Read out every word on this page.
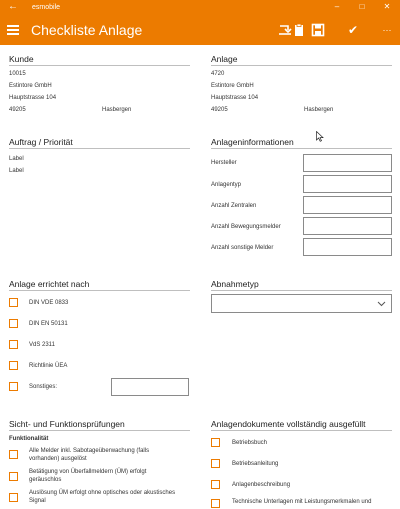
← esmobile	–	□	✕
Checkliste Anlage	✔	···
Kunde
10015
Estintore GmbH
Hauptstrasse 104
49205	Hasbergen
Anlage
4720
Estintore GmbH
Hauptstrasse 104
49205	Hasbergen
Auftrag / Priorität
Label
Label
Anlageninformationen
Hersteller
Anlagentyp
Anzahl Zentralen
Anzahl Bewegungsmelder
Anzahl sonstige Melder
Anlage errichtet nach
DIN VDE 0833
DIN EN 50131
VdS 2311
Richtlinie ÜEA
Sonstiges:
Abnahmetyp
Sicht- und Funktionsprüfungen
Funktionalität
Alle Melder inkl. Sabotageüberwachung (falls
vorhanden) ausgelöst
Betätigung von Überfallmeldern (ÜM) erfolgt
geräuschlos
Auslösung ÜM erfolgt ohne optisches oder akustisches
Signal
Anlagendokumente vollständig ausgefüllt
Betriebsbuch
Betriebsanleitung
Anlagenbeschreibung
Technische Unterlagen mit Leistungsmerkmalen und
